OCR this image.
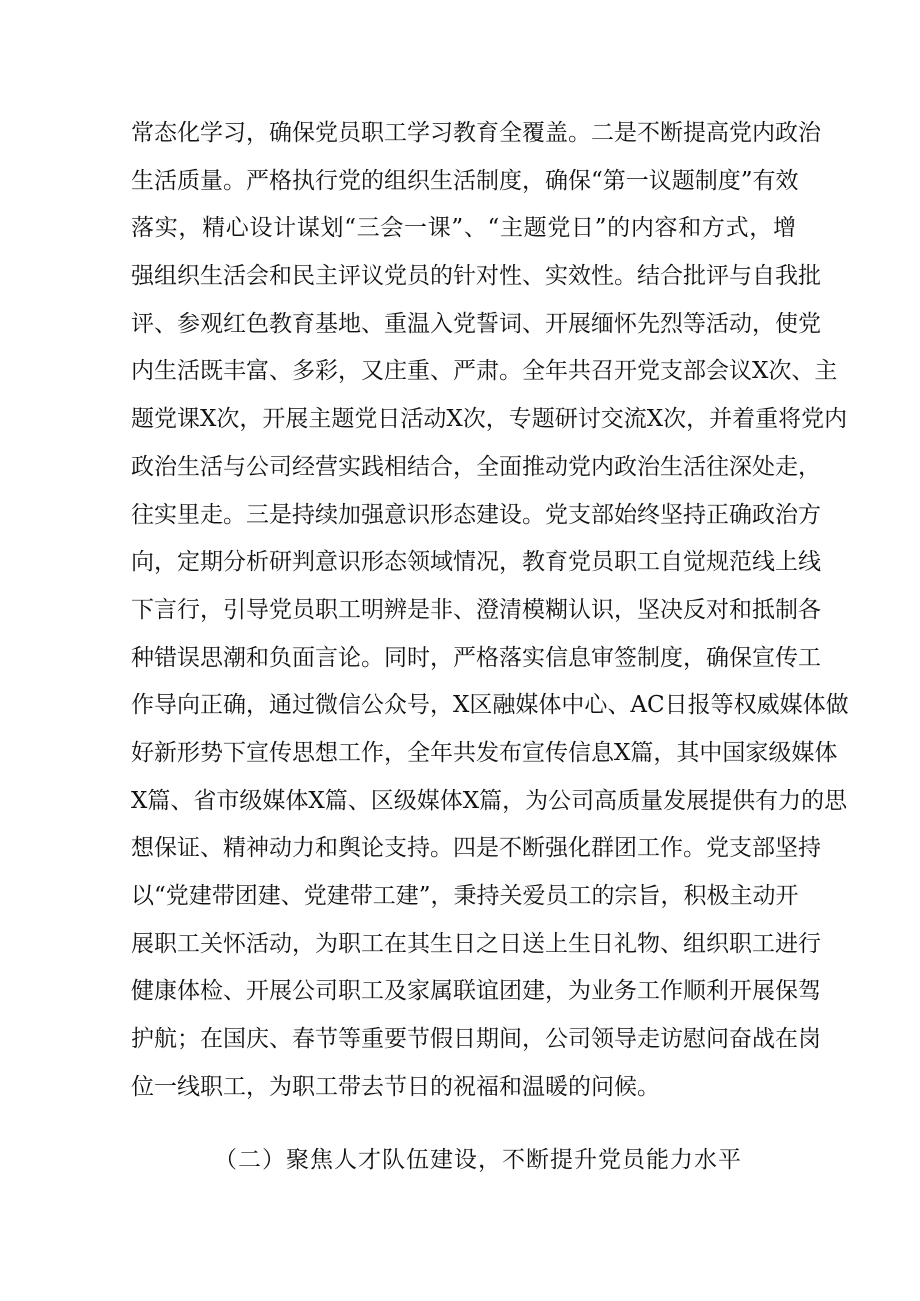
常态化学习，确保党员职工学习教育全覆盖。二是不断提高党内政治
生活质量。严格执行党的组织生活制度，确保“第一议题制度”有效
落实，精心设计谋划“三会一课”、“主题党日”的内容和方式，增
强组织生活会和民主评议党员的针对性、实效性。结合批评与自我批
评、参观红色教育基地、重温入党誓词、开展缅怀先烈等活动，使党
内生活既丰富、多彩，又庄重、严肃。全年共召开党支部会议X次、主
题党课X次，开展主题党日活动X次，专题研讨交流X次，并着重将党内
政治生活与公司经营实践相结合，全面推动党内政治生活往深处走，
往实里走。三是持续加强意识形态建设。党支部始终坚持正确政治方
向，定期分析研判意识形态领域情况，教育党员职工自觉规范线上线
下言行，引导党员职工明辨是非、澄清模糊认识，坚决反对和抵制各
种错误思潮和负面言论。同时，严格落实信息审签制度，确保宣传工
作导向正确，通过微信公众号，X区融媒体中心、AC日报等权威媒体做
好新形势下宣传思想工作，全年共发布宣传信息X篇，其中国家级媒体
X篇、省市级媒体X篇、区级媒体X篇，为公司高质量发展提供有力的思
想保证、精神动力和舆论支持。四是不断强化群团工作。党支部坚持
以“党建带团建、党建带工建”，秉持关爱员工的宗旨，积极主动开
展职工关怀活动，为职工在其生日之日送上生日礼物、组织职工进行
健康体检、开展公司职工及家属联谊团建，为业务工作顺利开展保驾
护航；在国庆、春节等重要节假日期间，公司领导走访慰问奋战在岗
位一线职工，为职工带去节日的祝福和温暖的问候。
（二）聚焦人才队伍建设，不断提升党员能力水平
